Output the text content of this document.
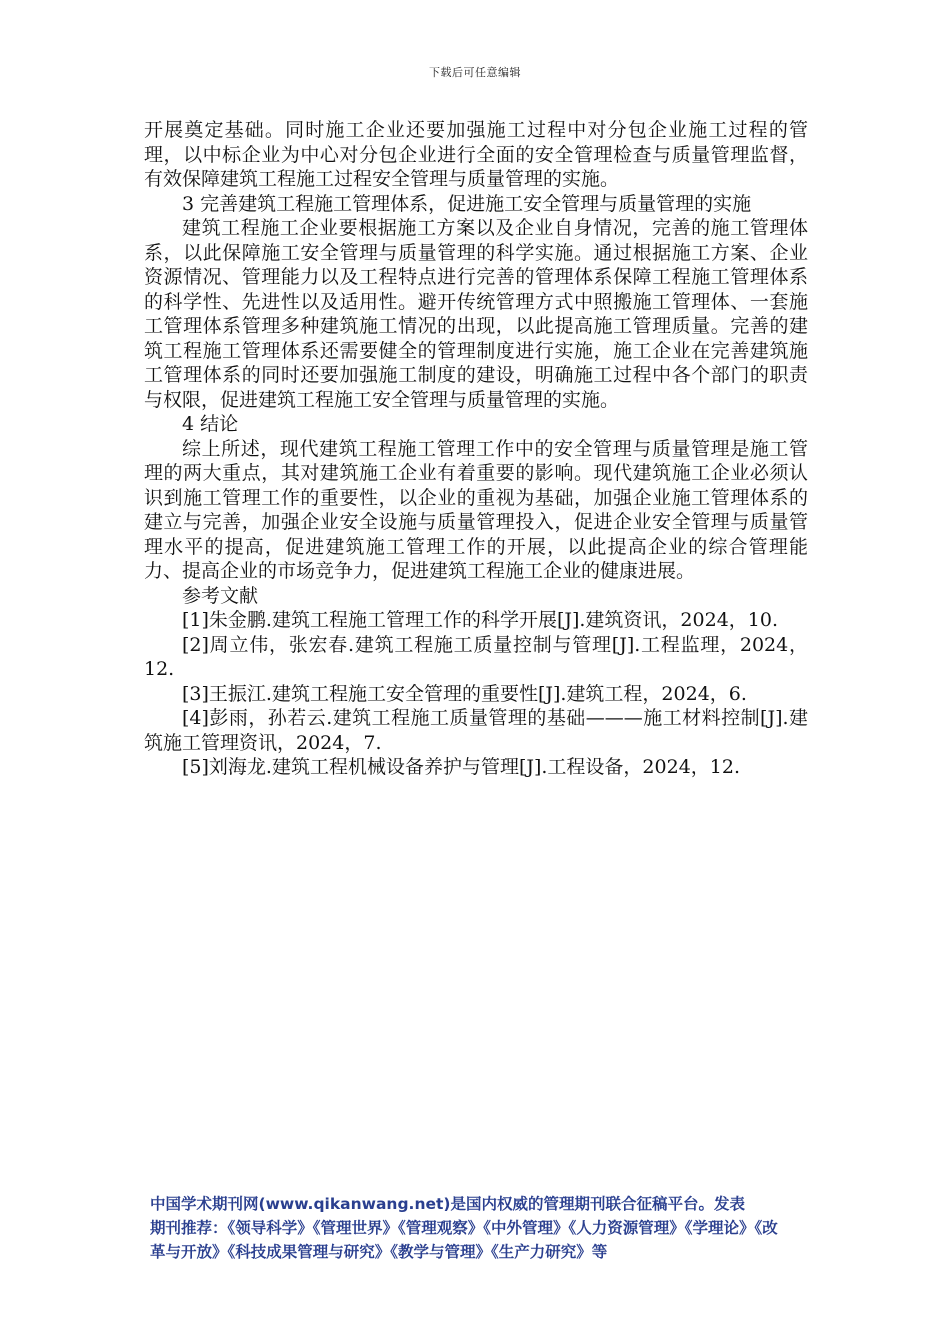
下载后可任意编辑

开展奠定基础。同时施工企业还要加强施工过程中对分包企业施工过程的管理，以中标企业为中心对分包企业进行全面的安全管理检查与质量管理监督，有效保障建筑工程施工过程安全管理与质量管理的实施。

3 完善建筑工程施工管理体系，促进施工安全管理与质量管理的实施

建筑工程施工企业要根据施工方案以及企业自身情况，完善的施工管理体系，以此保障施工安全管理与质量管理的科学实施。通过根据施工方案、企业资源情况、管理能力以及工程特点进行完善的管理体系保障工程施工管理体系的科学性、先进性以及适用性。避开传统管理方式中照搬施工管理体、一套施工管理体系管理多种建筑施工情况的出现，以此提高施工管理质量。完善的建筑工程施工管理体系还需要健全的管理制度进行实施，施工企业在完善建筑施工管理体系的同时还要加强施工制度的建设，明确施工过程中各个部门的职责与权限，促进建筑工程施工安全管理与质量管理的实施。

4 结论

综上所述，现代建筑工程施工管理工作中的安全管理与质量管理是施工管理的两大重点，其对建筑施工企业有着重要的影响。现代建筑施工企业必须认识到施工管理工作的重要性，以企业的重视为基础，加强企业施工管理体系的建立与完善，加强企业安全设施与质量管理投入，促进企业安全管理与质量管理水平的提高，促进建筑施工管理工作的开展，以此提高企业的综合管理能力、提高企业的市场竞争力，促进建筑工程施工企业的健康进展。

参考文献

[1]朱金鹏.建筑工程施工管理工作的科学开展[J].建筑资讯，2024，10.

[2]周立伟，张宏春.建筑工程施工质量控制与管理[J].工程监理，2024，12.

[3]王振江.建筑工程施工安全管理的重要性[J].建筑工程，2024，6.

[4]彭雨，孙若云.建筑工程施工质量管理的基础———施工材料控制[J].建筑施工管理资讯，2024，7.

[5]刘海龙.建筑工程机械设备养护与管理[J].工程设备，2024，12.

中国学术期刊网(www.qikanwang.net)是国内权威的管理期刊联合征稿平台。发表

期刊推荐：《领导科学》《管理世界》《管理观察》《中外管理》《人力资源管理》《学理论》《改

革与开放》《科技成果管理与研究》《教学与管理》《生产力研究》等
